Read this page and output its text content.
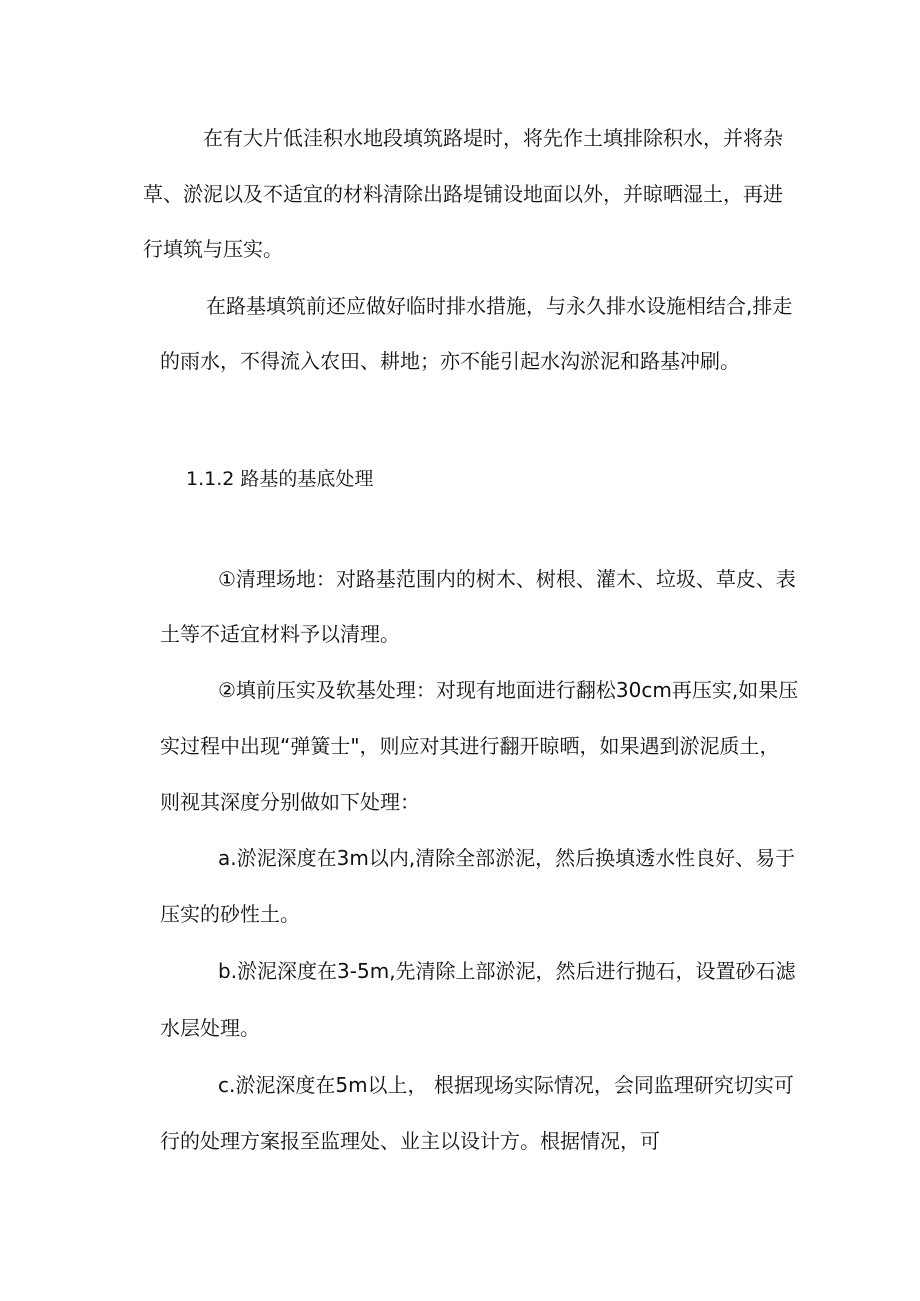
在有大片低洼积水地段填筑路堤时，将先作土填排除积水，并将杂
草、淤泥以及不适宜的材料清除出路堤铺设地面以外，并晾晒湿土，再进
行填筑与压实。
在路基填筑前还应做好临时排水措施，与永久排水设施相结合,排走
的雨水，不得流入农田、耕地；亦不能引起水沟淤泥和路基冲刷。
1.1.2 路基的基底处理
①清理场地：对路基范围内的树木、树根、灌木、垃圾、草皮、表
土等不适宜材料予以清理。
②填前压实及软基处理：对现有地面进行翻松30cm再压实,如果压
实过程中出现“弹簧士"，则应对其进行翻开晾晒，如果遇到淤泥质土，
则视其深度分别做如下处理：
a.淤泥深度在3m以内,清除全部淤泥，然后换填透水性良好、易于
压实的砂性土。
b.淤泥深度在3-5m,先清除上部淤泥，然后进行抛石，设置砂石滤
水层处理。
c.淤泥深度在5m以上， 根据现场实际情况，会同监理研究切实可
行的处理方案报至监理处、业主以设计方。根据情况，可
